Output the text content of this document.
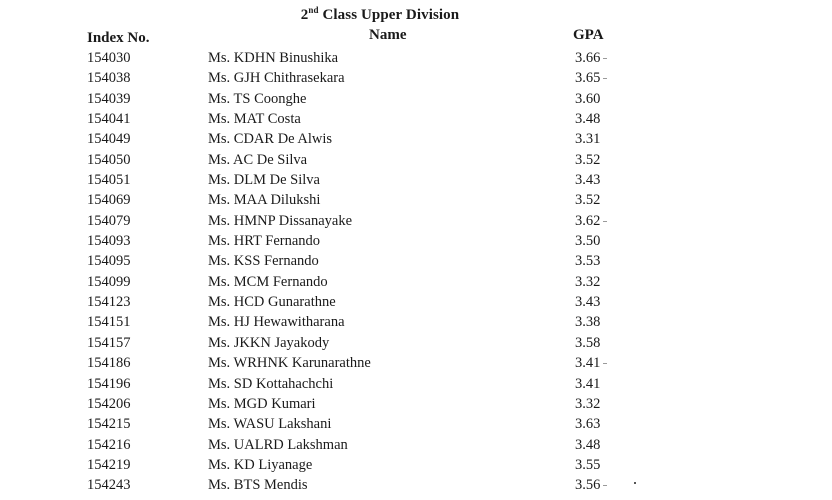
2nd Class Upper Division
Index No.	Name	GPA
154030	Ms. KDHN Binushika	3.66
154038	Ms. GJH Chithrasekara	3.65
154039	Ms. TS Coonghe	3.60
154041	Ms. MAT Costa	3.48
154049	Ms. CDAR De Alwis	3.31
154050	Ms. AC De Silva	3.52
154051	Ms. DLM De Silva	3.43
154069	Ms. MAA Dilukshi	3.52
154079	Ms. HMNP Dissanayake	3.62
154093	Ms. HRT Fernando	3.50
154095	Ms. KSS Fernando	3.53
154099	Ms. MCM Fernando	3.32
154123	Ms. HCD Gunarathne	3.43
154151	Ms. HJ Hewawitharana	3.38
154157	Ms. JKKN Jayakody	3.58
154186	Ms. WRHNK Karunarathne	3.41
154196	Ms. SD Kottahachchi	3.41
154206	Ms. MGD Kumari	3.32
154215	Ms. WASU Lakshani	3.63
154216	Ms. UALRD Lakshman	3.48
154219	Ms. KD Liyanage	3.55
154243	Ms. BTS Mendis	3.56
